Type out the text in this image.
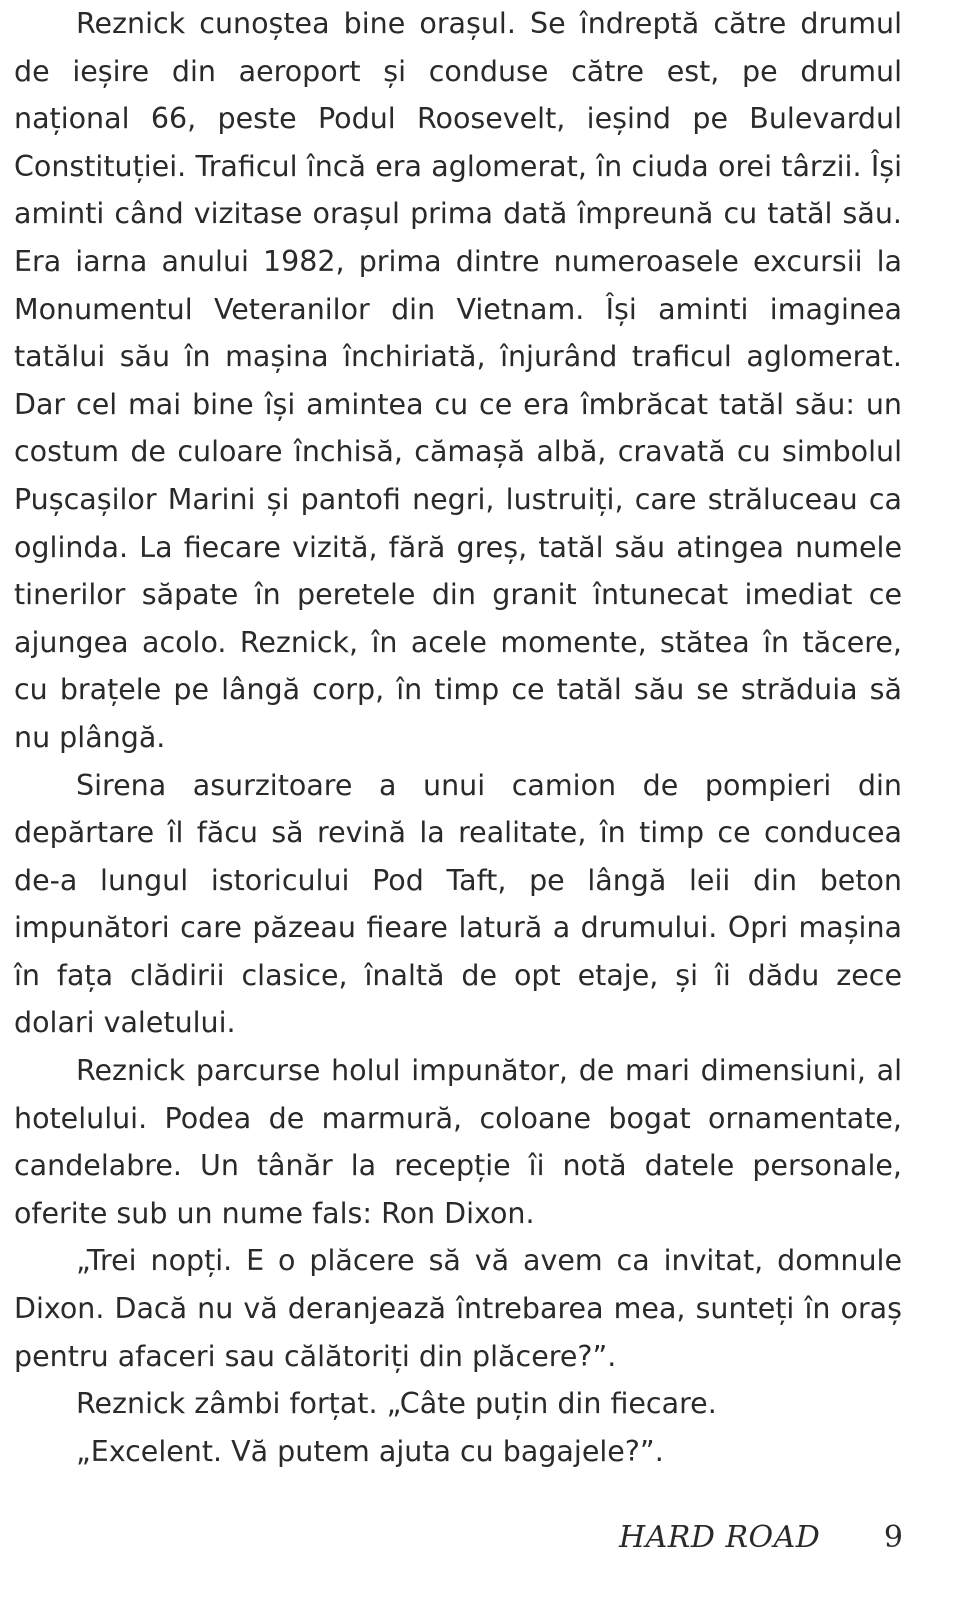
Reznick cunoștea bine orașul. Se îndreptă către drumul de ieșire din aeroport și conduse către est, pe drumul național 66, peste Podul Roosevelt, ieșind pe Bulevardul Constituției. Traficul încă era aglomerat, în ciuda orei târzii. Își aminti când vizitase orașul prima dată împreună cu tatăl său. Era iarna anului 1982, prima dintre numeroasele excursii la Monumentul Veteranilor din Vietnam. Își aminti imaginea tatălui său în mașina închiriată, înjurând traficul aglomerat. Dar cel mai bine își amintea cu ce era îmbrăcat tatăl său: un costum de culoare închisă, cămașă albă, cravată cu simbolul Pușcașilor Marini și pantofi negri, lustruiți, care străluceau ca oglinda. La fiecare vizită, fără greș, tatăl său atingea numele tinerilor săpate în peretele din granit întunecat imediat ce ajungea acolo. Reznick, în acele momente, stătea în tăcere, cu brațele pe lângă corp, în timp ce tatăl său se străduia să nu plângă.

Sirena asurzitoare a unui camion de pompieri din depărtare îl făcu să revină la realitate, în timp ce conducea de-a lungul istoricului Pod Taft, pe lângă leii din beton impunători care păzeau fieare latură a drumului. Opri mașina în fața clădirii clasice, înaltă de opt etaje, și îi dădu zece dolari valetului.

Reznick parcurse holul impunător, de mari dimensiuni, al hotelului. Podea de marmură, coloane bogat ornamentate, candelabre. Un tânăr la recepție îi notă datele personale, oferite sub un nume fals: Ron Dixon.

„Trei nopți. E o plăcere să vă avem ca invitat, domnule Dixon. Dacă nu vă deranjează întrebarea mea, sunteți în oraș pentru afaceri sau călătoriți din plăcere?”.

Reznick zâmbi forțat. „Câte puțin din fiecare.

„Excelent. Vă putem ajuta cu bagajele?”.

HARD ROAD 9
